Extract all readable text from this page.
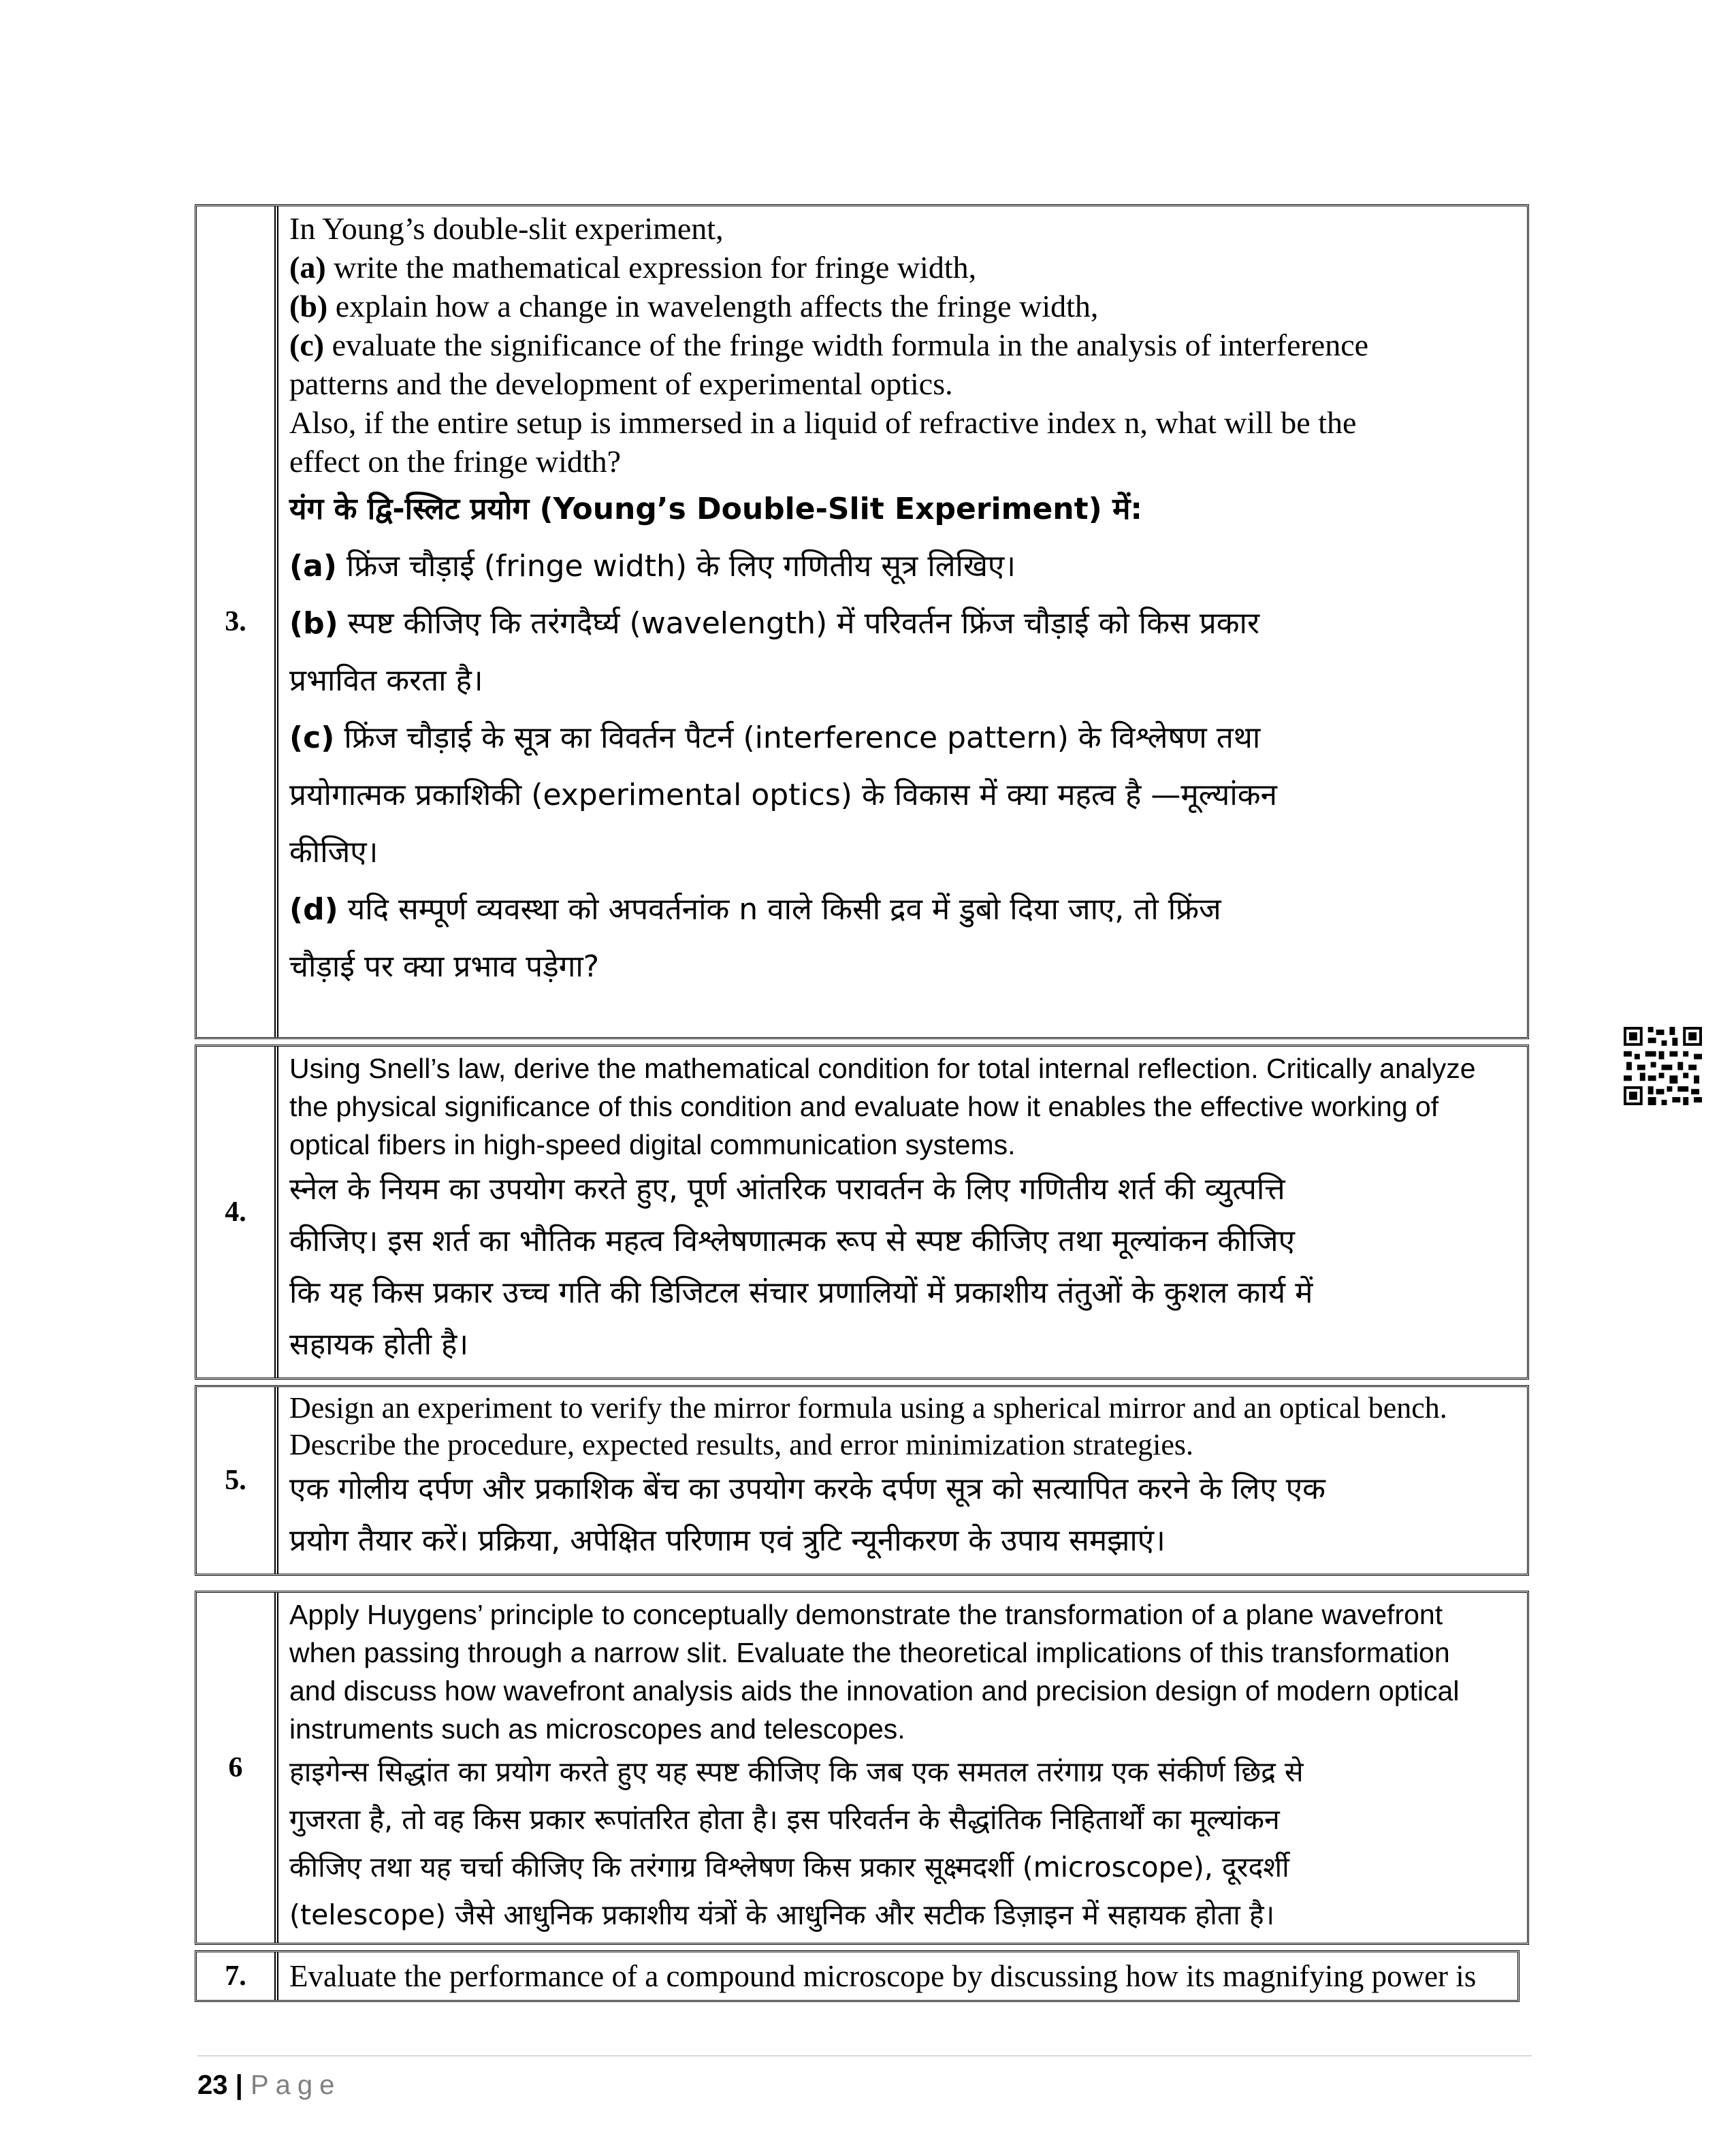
3.
In Young’s double-slit experiment,
(a) write the mathematical expression for fringe width,
(b) explain how a change in wavelength affects the fringe width,
(c) evaluate the significance of the fringe width formula in the analysis of interference
patterns and the development of experimental optics.
Also, if the entire setup is immersed in a liquid of refractive index n, what will be the
effect on the fringe width?
यंग के द्वि-स्लिट प्रयोग (Young’s Double-Slit Experiment) में:
(a) फ्रिंज चौड़ाई (fringe width) के लिए गणितीय सूत्र लिखिए।
(b) स्पष्ट कीजिए कि तरंगदैर्घ्य (wavelength) में परिवर्तन फ्रिंज चौड़ाई को किस प्रकार
प्रभावित करता है।
(c) फ्रिंज चौड़ाई के सूत्र का विवर्तन पैटर्न (interference pattern) के विश्लेषण तथा
प्रयोगात्मक प्रकाशिकी (experimental optics) के विकास में क्या महत्व है —मूल्यांकन
कीजिए।
(d) यदि सम्पूर्ण व्यवस्था को अपवर्तनांक n वाले किसी द्रव में डुबो दिया जाए, तो फ्रिंज
चौड़ाई पर क्या प्रभाव पड़ेगा?
4.
Using Snell’s law, derive the mathematical condition for total internal reflection. Critically analyze
the physical significance of this condition and evaluate how it enables the effective working of
optical fibers in high-speed digital communication systems.
स्नेल के नियम का उपयोग करते हुए, पूर्ण आंतरिक परावर्तन के लिए गणितीय शर्त की व्युत्पत्ति
कीजिए। इस शर्त का भौतिक महत्व विश्लेषणात्मक रूप से स्पष्ट कीजिए तथा मूल्यांकन कीजिए
कि यह किस प्रकार उच्च गति की डिजिटल संचार प्रणालियों में प्रकाशीय तंतुओं के कुशल कार्य में
सहायक होती है।
5.
Design an experiment to verify the mirror formula using a spherical mirror and an optical bench.
Describe the procedure, expected results, and error minimization strategies.
एक गोलीय दर्पण और प्रकाशिक बेंच का उपयोग करके दर्पण सूत्र को सत्यापित करने के लिए एक
प्रयोग तैयार करें। प्रक्रिया, अपेक्षित परिणाम एवं त्रुटि न्यूनीकरण के उपाय समझाएं।
6
Apply Huygens’ principle to conceptually demonstrate the transformation of a plane wavefront
when passing through a narrow slit. Evaluate the theoretical implications of this transformation
and discuss how wavefront analysis aids the innovation and precision design of modern optical
instruments such as microscopes and telescopes.
हाइगेन्स सिद्धांत का प्रयोग करते हुए यह स्पष्ट कीजिए कि जब एक समतल तरंगाग्र एक संकीर्ण छिद्र से
गुजरता है, तो वह किस प्रकार रूपांतरित होता है। इस परिवर्तन के सैद्धांतिक निहितार्थों का मूल्यांकन
कीजिए तथा यह चर्चा कीजिए कि तरंगाग्र विश्लेषण किस प्रकार सूक्ष्मदर्शी (microscope), दूरदर्शी
(telescope) जैसे आधुनिक प्रकाशीय यंत्रों के आधुनिक और सटीक डिज़ाइन में सहायक होता है।
7.	Evaluate the performance of a compound microscope by discussing how its magnifying power is
23 | Page
